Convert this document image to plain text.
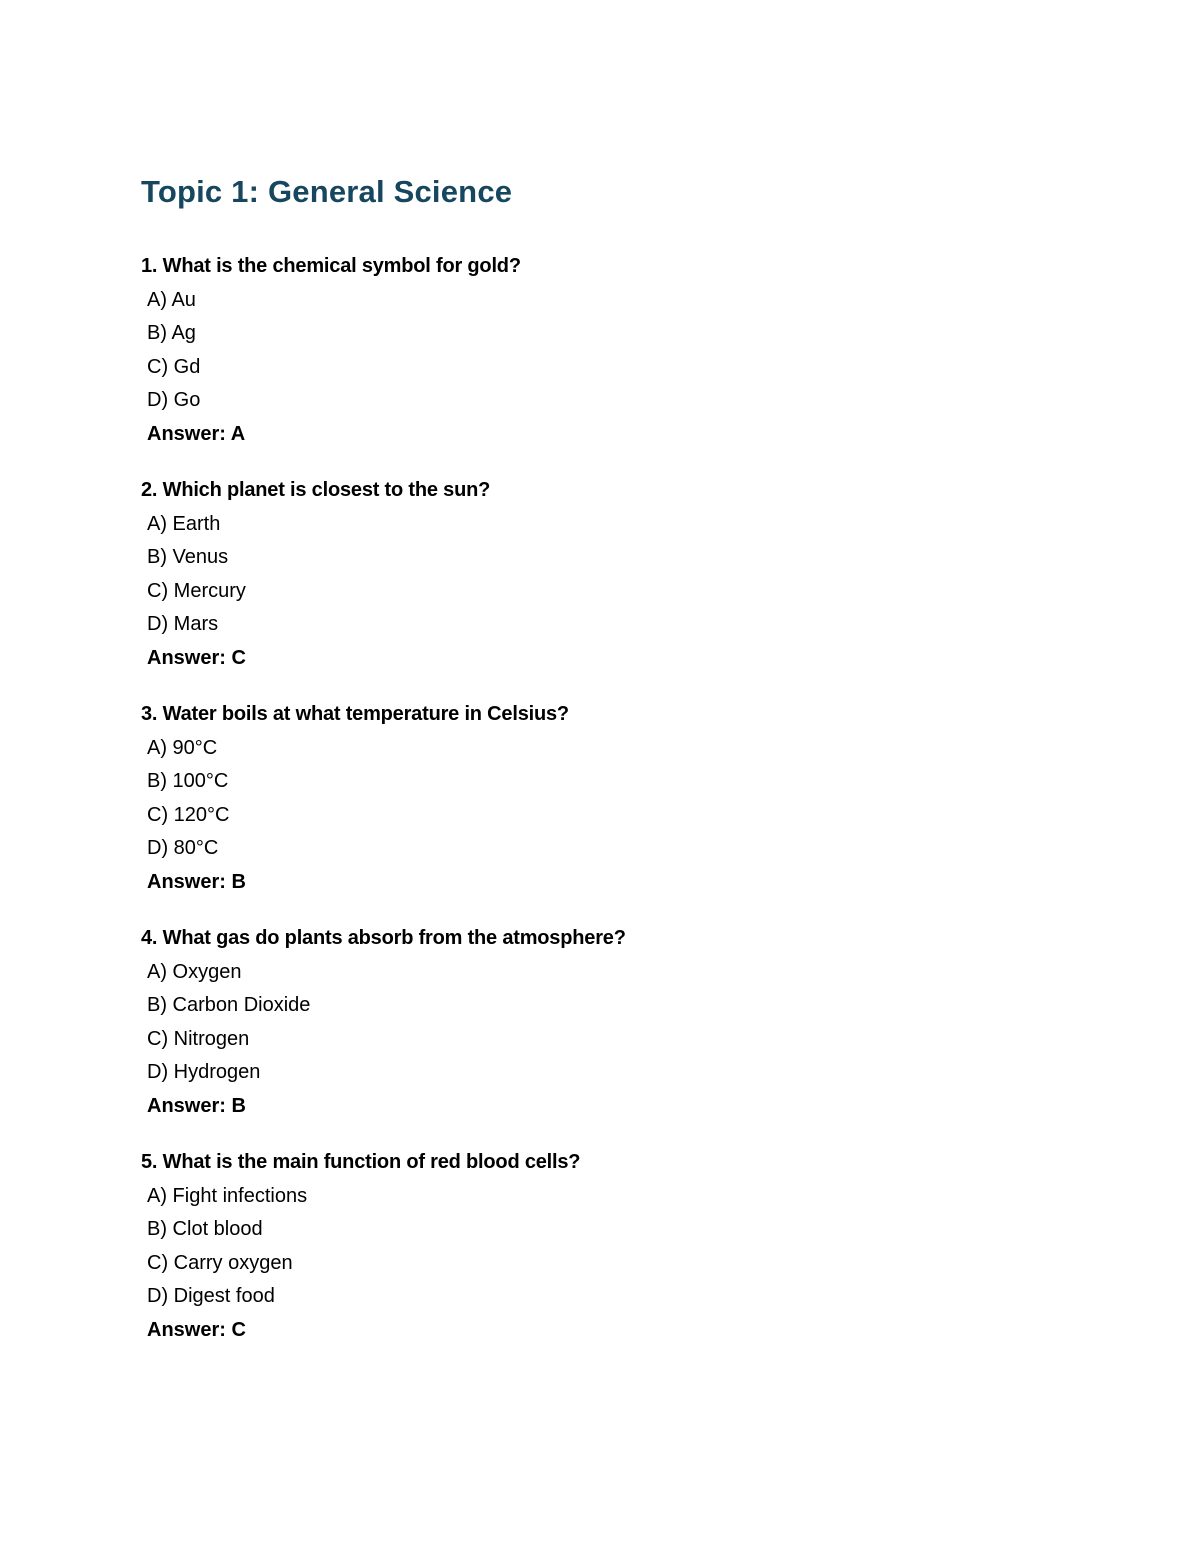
Topic 1: General Science

1. What is the chemical symbol for gold?

A) Au

B) Ag

C) Gd

D) Go

Answer: A

2. Which planet is closest to the sun?

A) Earth

B) Venus

C) Mercury

D) Mars

Answer: C

3. Water boils at what temperature in Celsius?

A) 90°C

B) 100°C

C) 120°C

D) 80°C

Answer: B

4. What gas do plants absorb from the atmosphere?

A) Oxygen

B) Carbon Dioxide

C) Nitrogen

D) Hydrogen

Answer: B

5. What is the main function of red blood cells?

A) Fight infections

B) Clot blood

C) Carry oxygen

D) Digest food

Answer: C
